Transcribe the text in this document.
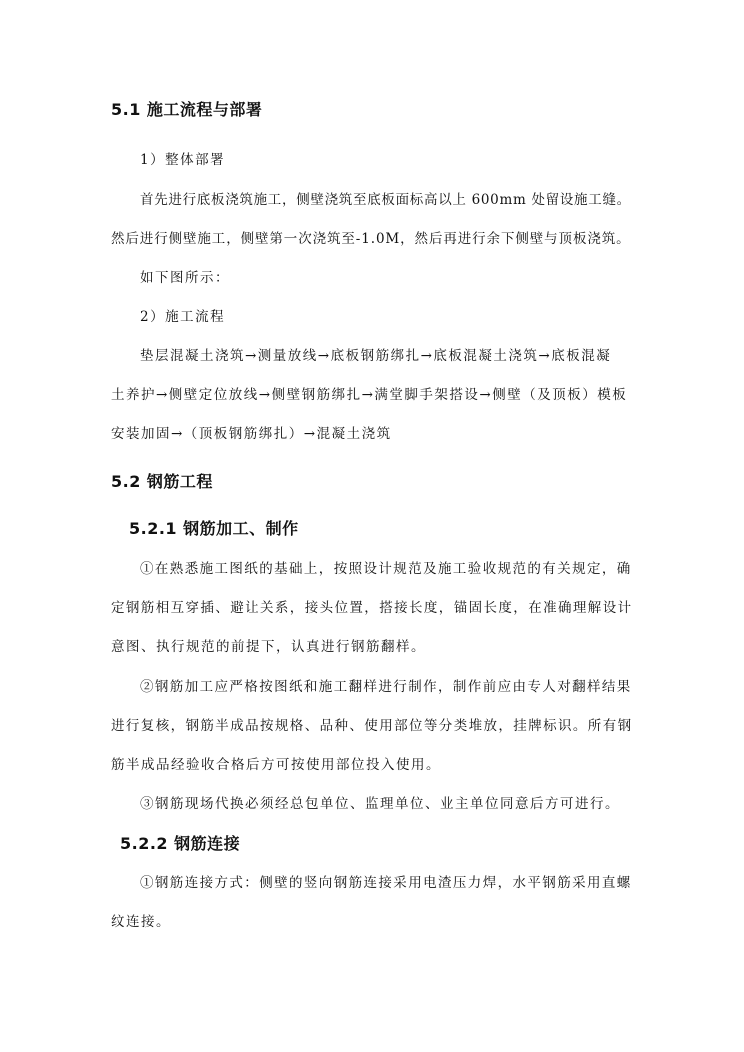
5.1 施工流程与部署
1）整体部署
首先进行底板浇筑施工，侧壁浇筑至底板面标高以上 600mm 处留设施工缝。
然后进行侧壁施工，侧壁第一次浇筑至-1.0M，然后再进行余下侧壁与顶板浇筑。
如下图所示：
2）施工流程
垫层混凝土浇筑→测量放线→底板钢筋绑扎→底板混凝土浇筑→底板混凝
土养护→侧壁定位放线→侧壁钢筋绑扎→满堂脚手架搭设→侧壁（及顶板）模板
安装加固→（顶板钢筋绑扎）→混凝土浇筑
5.2 钢筋工程
5.2.1 钢筋加工、制作
①在熟悉施工图纸的基础上，按照设计规范及施工验收规范的有关规定，确
定钢筋相互穿插、避让关系，接头位置，搭接长度，锚固长度，在准确理解设计
意图、执行规范的前提下，认真进行钢筋翻样。
②钢筋加工应严格按图纸和施工翻样进行制作，制作前应由专人对翻样结果
进行复核，钢筋半成品按规格、品种、使用部位等分类堆放，挂牌标识。所有钢
筋半成品经验收合格后方可按使用部位投入使用。
③钢筋现场代换必须经总包单位、监理单位、业主单位同意后方可进行。
5.2.2 钢筋连接
①钢筋连接方式：侧壁的竖向钢筋连接采用电渣压力焊，水平钢筋采用直螺
纹连接。
